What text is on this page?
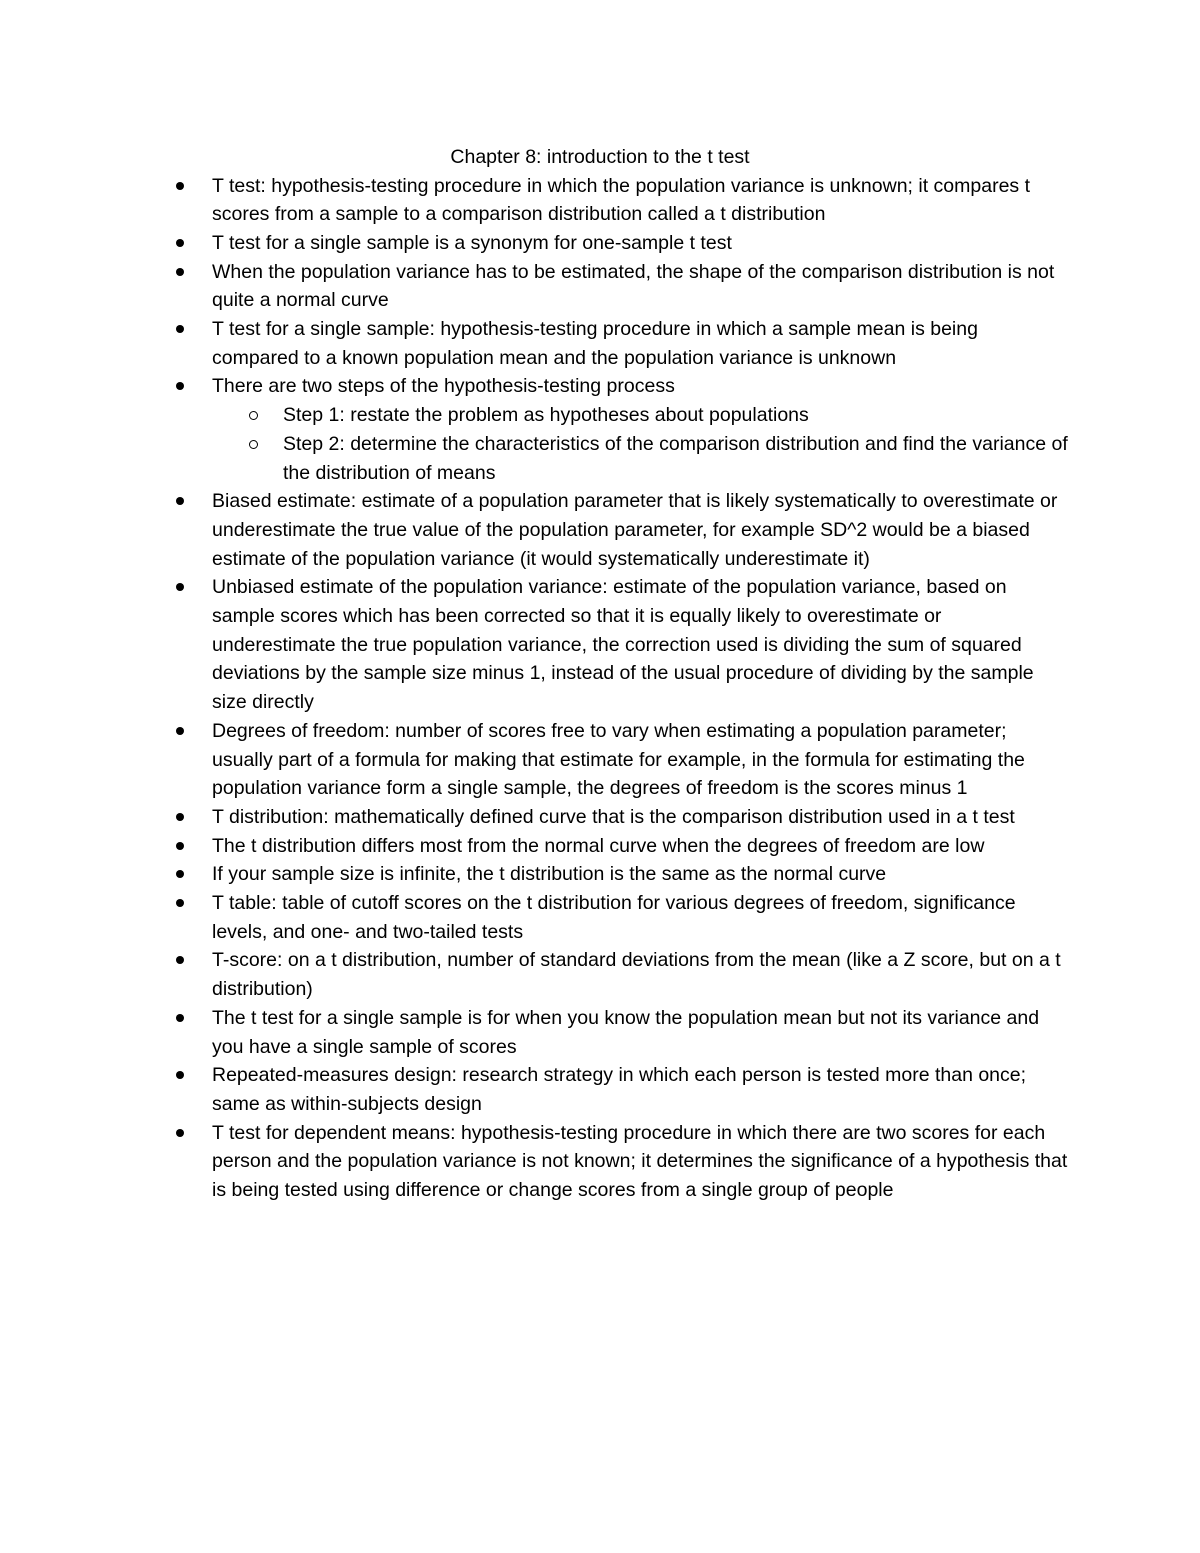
Chapter 8: introduction to the t test
T test: hypothesis-testing procedure in which the population variance is unknown; it compares t scores from a sample to a comparison distribution called a t distribution
T test for a single sample is a synonym for one-sample t test
When the population variance has to be estimated, the shape of the comparison distribution is not quite a normal curve
T test for a single sample: hypothesis-testing procedure in which a sample mean is being compared to a known population mean and the population variance is unknown
There are two steps of the hypothesis-testing process
Step 1: restate the problem as hypotheses about populations
Step 2: determine the characteristics of the comparison distribution and find the variance of the distribution of means
Biased estimate: estimate of a population parameter that is likely systematically to overestimate or underestimate the true value of the population parameter, for example SD^2 would be a biased estimate of the population variance (it would systematically underestimate it)
Unbiased estimate of the population variance: estimate of the population variance, based on sample scores which has been corrected so that it is equally likely to overestimate or underestimate the true population variance, the correction used is dividing the sum of squared deviations by the sample size minus 1, instead of the usual procedure of dividing by the sample size directly
Degrees of freedom: number of scores free to vary when estimating a population parameter; usually part of a formula for making that estimate for example, in the formula for estimating the population variance form a single sample, the degrees of freedom is the scores minus 1
T distribution: mathematically defined curve that is the comparison distribution used in a t test
The t distribution differs most from the normal curve when the degrees of freedom are low
If your sample size is infinite, the t distribution is the same as the normal curve
T table: table of cutoff scores on the t distribution for various degrees of freedom, significance levels, and one- and two-tailed tests
T-score: on a t distribution, number of standard deviations from the mean (like a Z score, but on a t distribution)
The t test for a single sample is for when you know the population mean but not its variance and you have a single sample of scores
Repeated-measures design: research strategy in which each person is tested more than once; same as within-subjects design
T test for dependent means: hypothesis-testing procedure in which there are two scores for each person and the population variance is not known; it determines the significance of a hypothesis that is being tested using difference or change scores from a single group of people
